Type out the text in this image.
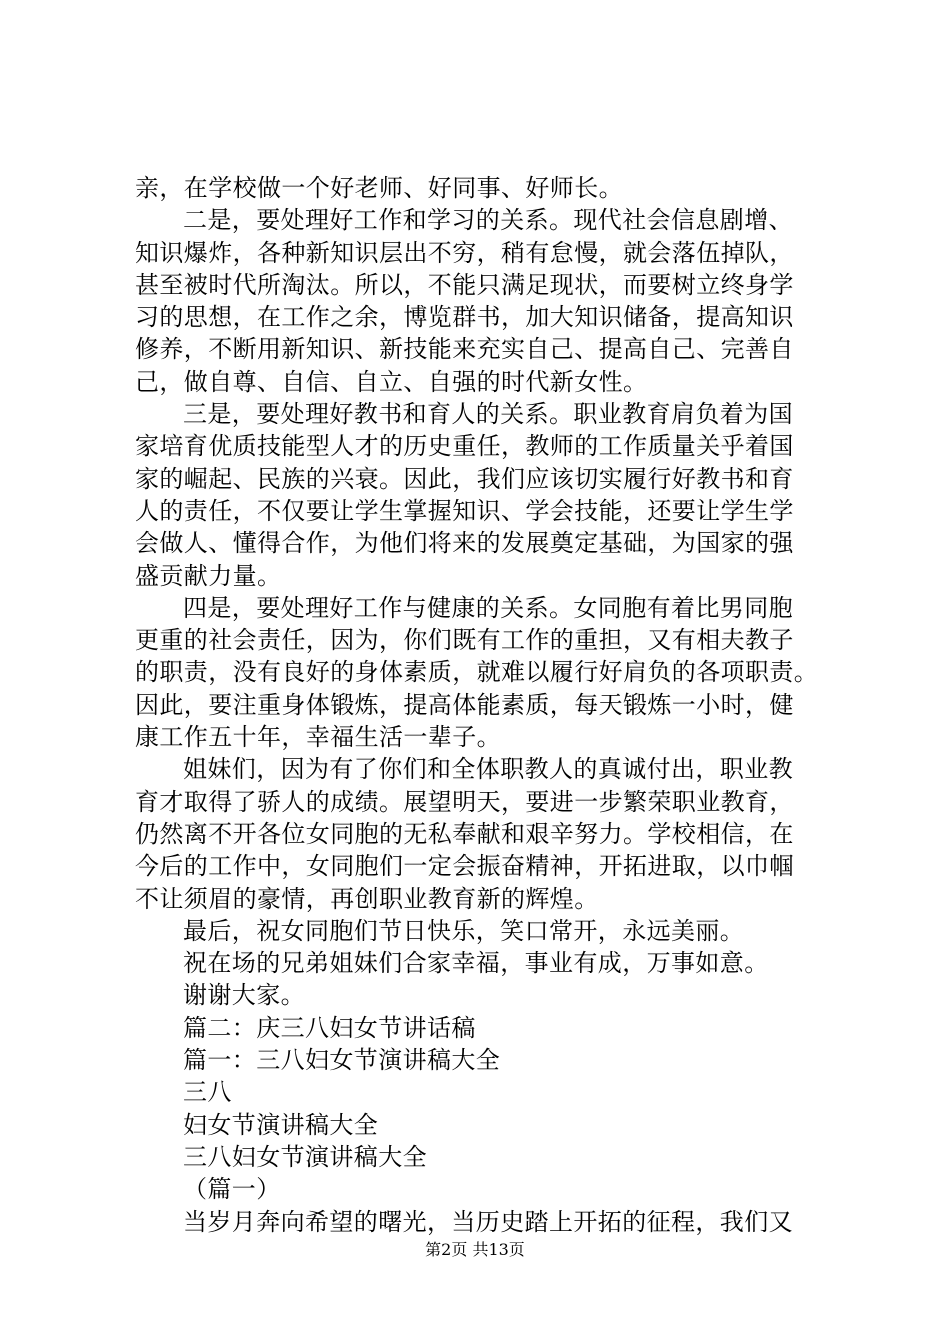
亲，在学校做一个好老师、好同事、好师长。
二是，要处理好工作和学习的关系。现代社会信息剧增、
知识爆炸，各种新知识层出不穷，稍有怠慢，就会落伍掉队，
甚至被时代所淘汰。所以，不能只满足现状，而要树立终身学
习的思想，在工作之余，博览群书，加大知识储备，提高知识
修养，不断用新知识、新技能来充实自己、提高自己、完善自
己，做自尊、自信、自立、自强的时代新女性。
三是，要处理好教书和育人的关系。职业教育肩负着为国
家培育优质技能型人才的历史重任，教师的工作质量关乎着国
家的崛起、民族的兴衰。因此，我们应该切实履行好教书和育
人的责任，不仅要让学生掌握知识、学会技能，还要让学生学
会做人、懂得合作，为他们将来的发展奠定基础，为国家的强
盛贡献力量。
四是，要处理好工作与健康的关系。女同胞有着比男同胞
更重的社会责任，因为，你们既有工作的重担，又有相夫教子
的职责，没有良好的身体素质，就难以履行好肩负的各项职责。
因此，要注重身体锻炼，提高体能素质，每天锻炼一小时，健
康工作五十年，幸福生活一辈子。
姐妹们，因为有了你们和全体职教人的真诚付出，职业教
育才取得了骄人的成绩。展望明天，要进一步繁荣职业教育，
仍然离不开各位女同胞的无私奉献和艰辛努力。学校相信，在
今后的工作中，女同胞们一定会振奋精神，开拓进取，以巾帼
不让须眉的豪情，再创职业教育新的辉煌。
最后，祝女同胞们节日快乐，笑口常开，永远美丽。
祝在场的兄弟姐妹们合家幸福，事业有成，万事如意。
谢谢大家。
篇二：庆三八妇女节讲话稿
篇一：三八妇女节演讲稿大全
三八
妇女节演讲稿大全
三八妇女节演讲稿大全
（篇一）
当岁月奔向希望的曙光，当历史踏上开拓的征程，我们又
第2页 共13页
